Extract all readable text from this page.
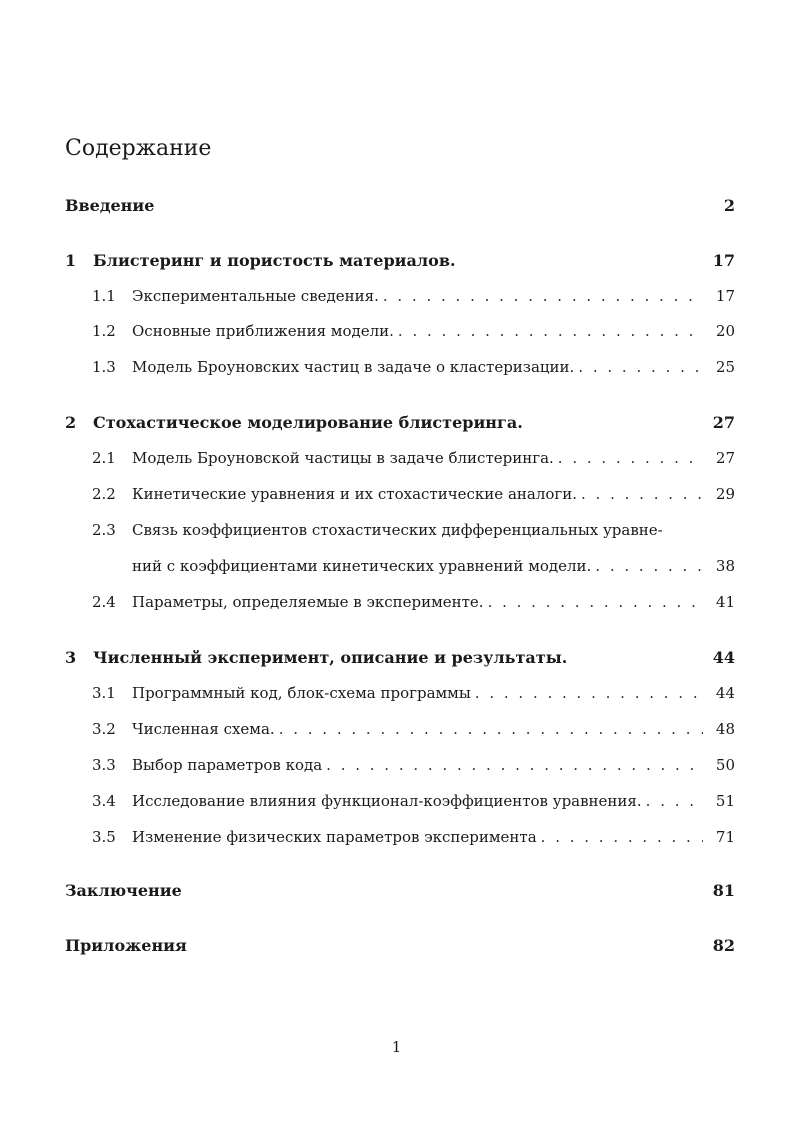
Содержание
Введение	2
1	Блистеринг и пористость материалов.	17
1.1	Экспериментальные сведения. . . .	17
1.2	Основные приближения модели. . . .	20
1.3	Модель Броуновских частиц в задаче о кластеризации. . . .	25
2	Стохастическое моделирование блистеринга.	27
2.1	Модель Броуновской частицы в задаче блистеринга. . . .	27
2.2	Кинетические уравнения и их стохастические аналоги. . . .	29
2.3	Связь коэффициентов стохастических дифференциальных уравне-
ний с коэффициентами кинетических уравнений модели. . . .	38
2.4	Параметры, определяемые в эксперименте. . . .	41
3	Численный эксперимент, описание и результаты.	44
3.1	Программный код, блок-схема программы . . .	44
3.2	Численная схема. . . .	48
3.3	Выбор параметров кода . . .	50
3.4	Исследование влияния функционал-коэффициентов уравнения. . . .	51
3.5	Изменение физических параметров эксперимента . . .	71
Заключение	81
Приложения	82
1
